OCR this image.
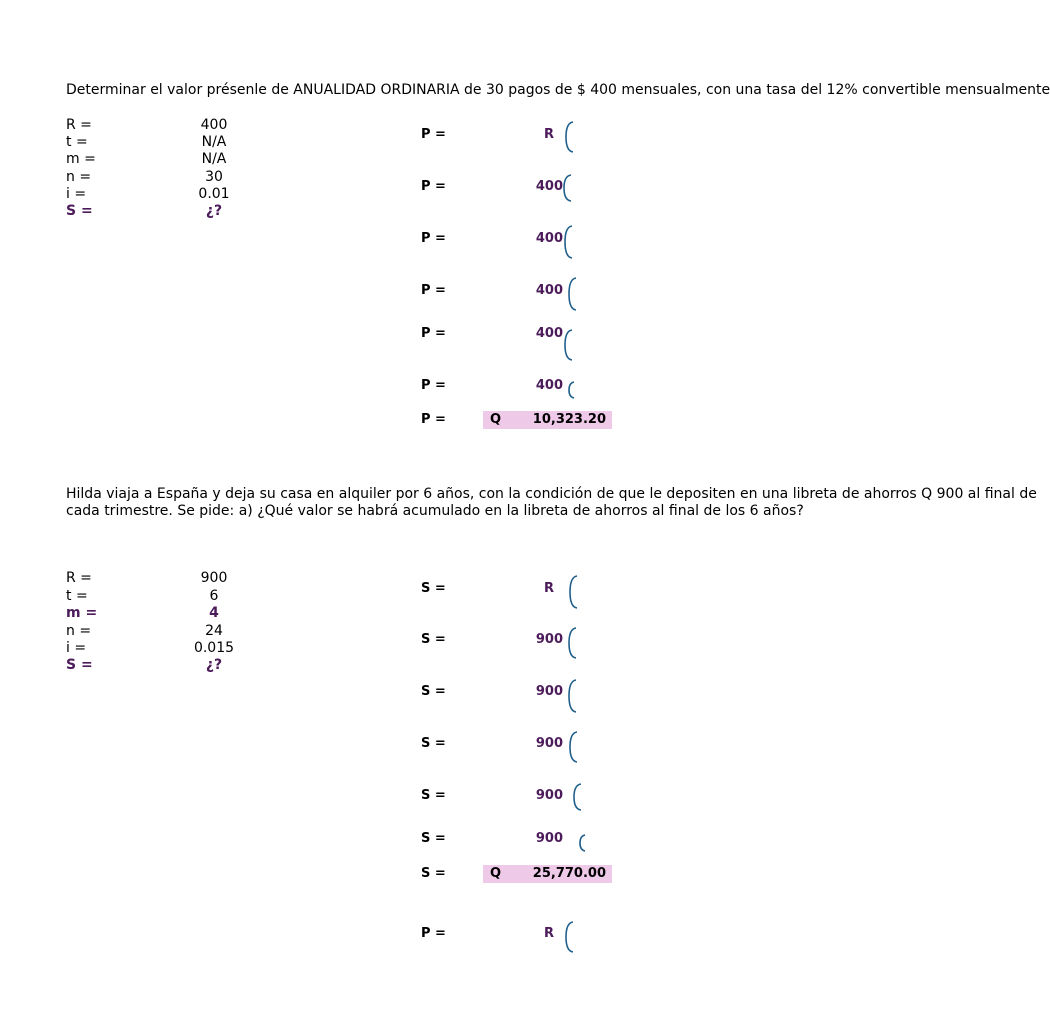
Determinar el valor présenle de ANUALIDAD ORDINARIA de 30 pagos de $ 400 mensuales, con una tasa del 12% convertible mensualmente
R =	400
t =	N/A
m =	N/A
n =	30
i =	0.01
S =	¿?
P =	R
P =	400
P =	400
P =	400
P =	400
P =	400
P =	Q 10,323.20
Hilda viaja a España y deja su casa en alquiler por 6 años, con la condición de que le depositen en una libreta de ahorros Q 900 al final de
cada trimestre. Se pide: a) ¿Qué valor se habrá acumulado en la libreta de ahorros al final de los 6 años?
R =	900
t =	6
m =	4
n =	24
i =	0.015
S =	¿?
S =	R
S =	900
S =	900
S =	900
S =	900
S =	900
S =	Q 25,770.00
P =	R
